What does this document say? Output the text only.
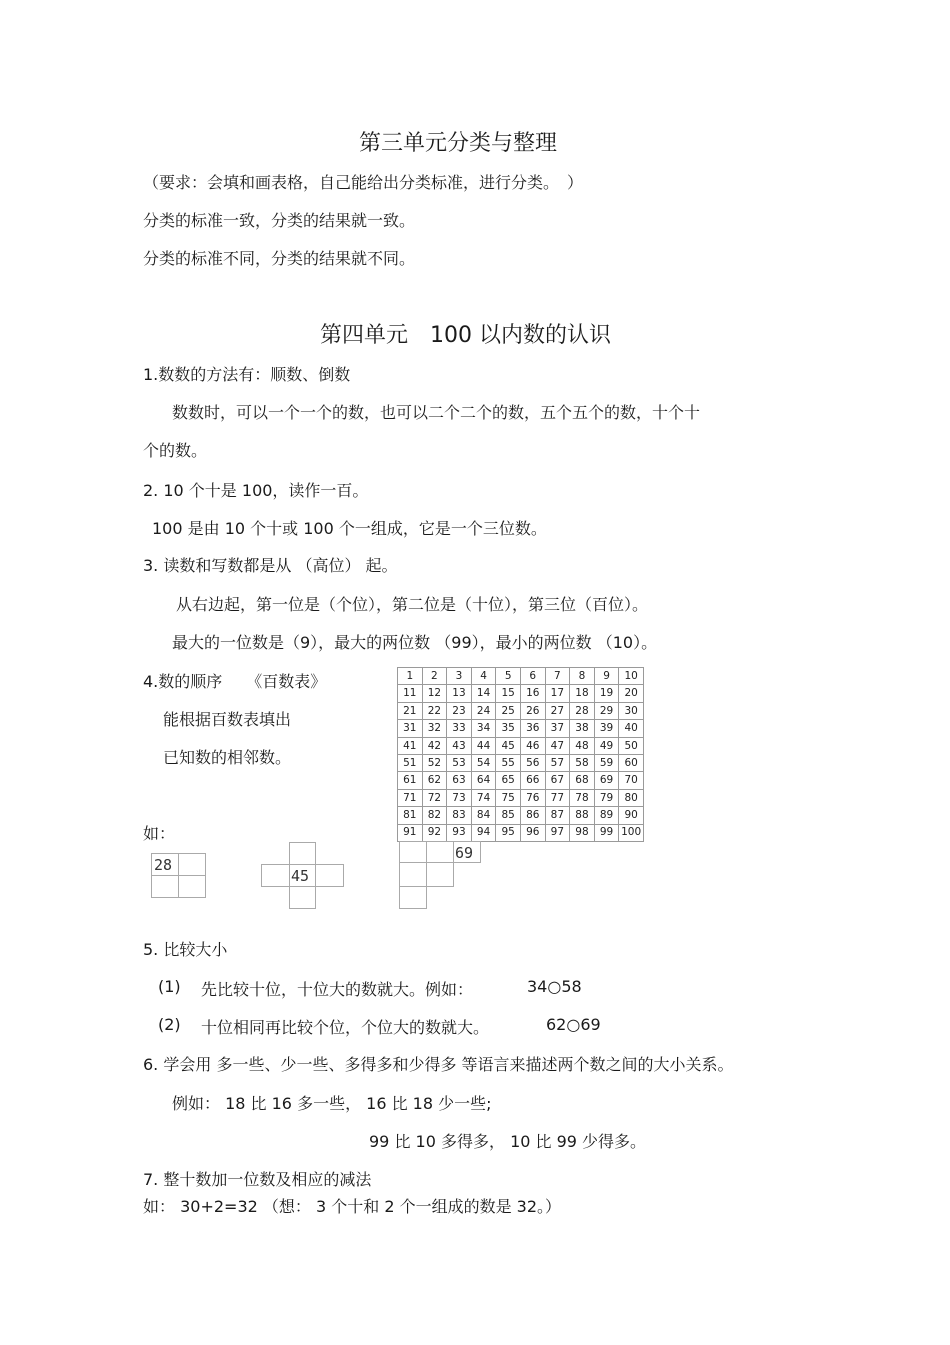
第三单元分类与整理
（要求：会填和画表格，自己能给出分类标准，进行分类。　）
分类的标准一致，分类的结果就一致。
分类的标准不同，分类的结果就不同。
第四单元　100 以内数的认识
1.数数的方法有：顺数、倒数
数数时，可以一个一个的数，也可以二个二个的数，五个五个的数，十个十
个的数。
2. 10 个十是 100，读作一百。
100 是由 10 个十或 100 个一组成，它是一个三位数。
3. 读数和写数都是从 （高位） 起。
从右边起，第一位是（个位），第二位是（十位），第三位（百位）。
最大的一位数是（9），最大的两位数 （99），最小的两位数 （10）。
4.数的顺序　　《百数表》
能根据百数表填出
已知数的相邻数。
如：
1	2	3	4	5	6	7	8	9	10
11	12	13	14	15	16	17	18	19	20
21	22	23	24	25	26	27	28	29	30
31	32	33	34	35	36	37	38	39	40
41	42	43	44	45	46	47	48	49	50
51	52	53	54	55	56	57	58	59	60
61	62	63	64	65	66	67	68	69	70
71	72	73	74	75	76	77	78	79	80
81	82	83	84	85	86	87	88	89	90
91	92	93	94	95	96	97	98	99	100
28
45
69
5. 比较大小
(1) 先比较十位，十位大的数就大。例如：	34○58
(2) 十位相同再比较个位，个位大的数就大。	62○69
6. 学会用 多一些、少一些、多得多和少得多 等语言来描述两个数之间的大小关系。
例如： 18 比 16 多一些， 16 比 18 少一些;
99 比 10 多得多， 10 比 99 少得多。
7. 整十数加一位数及相应的减法
如： 30+2=32 （想： 3 个十和 2 个一组成的数是 32。）
